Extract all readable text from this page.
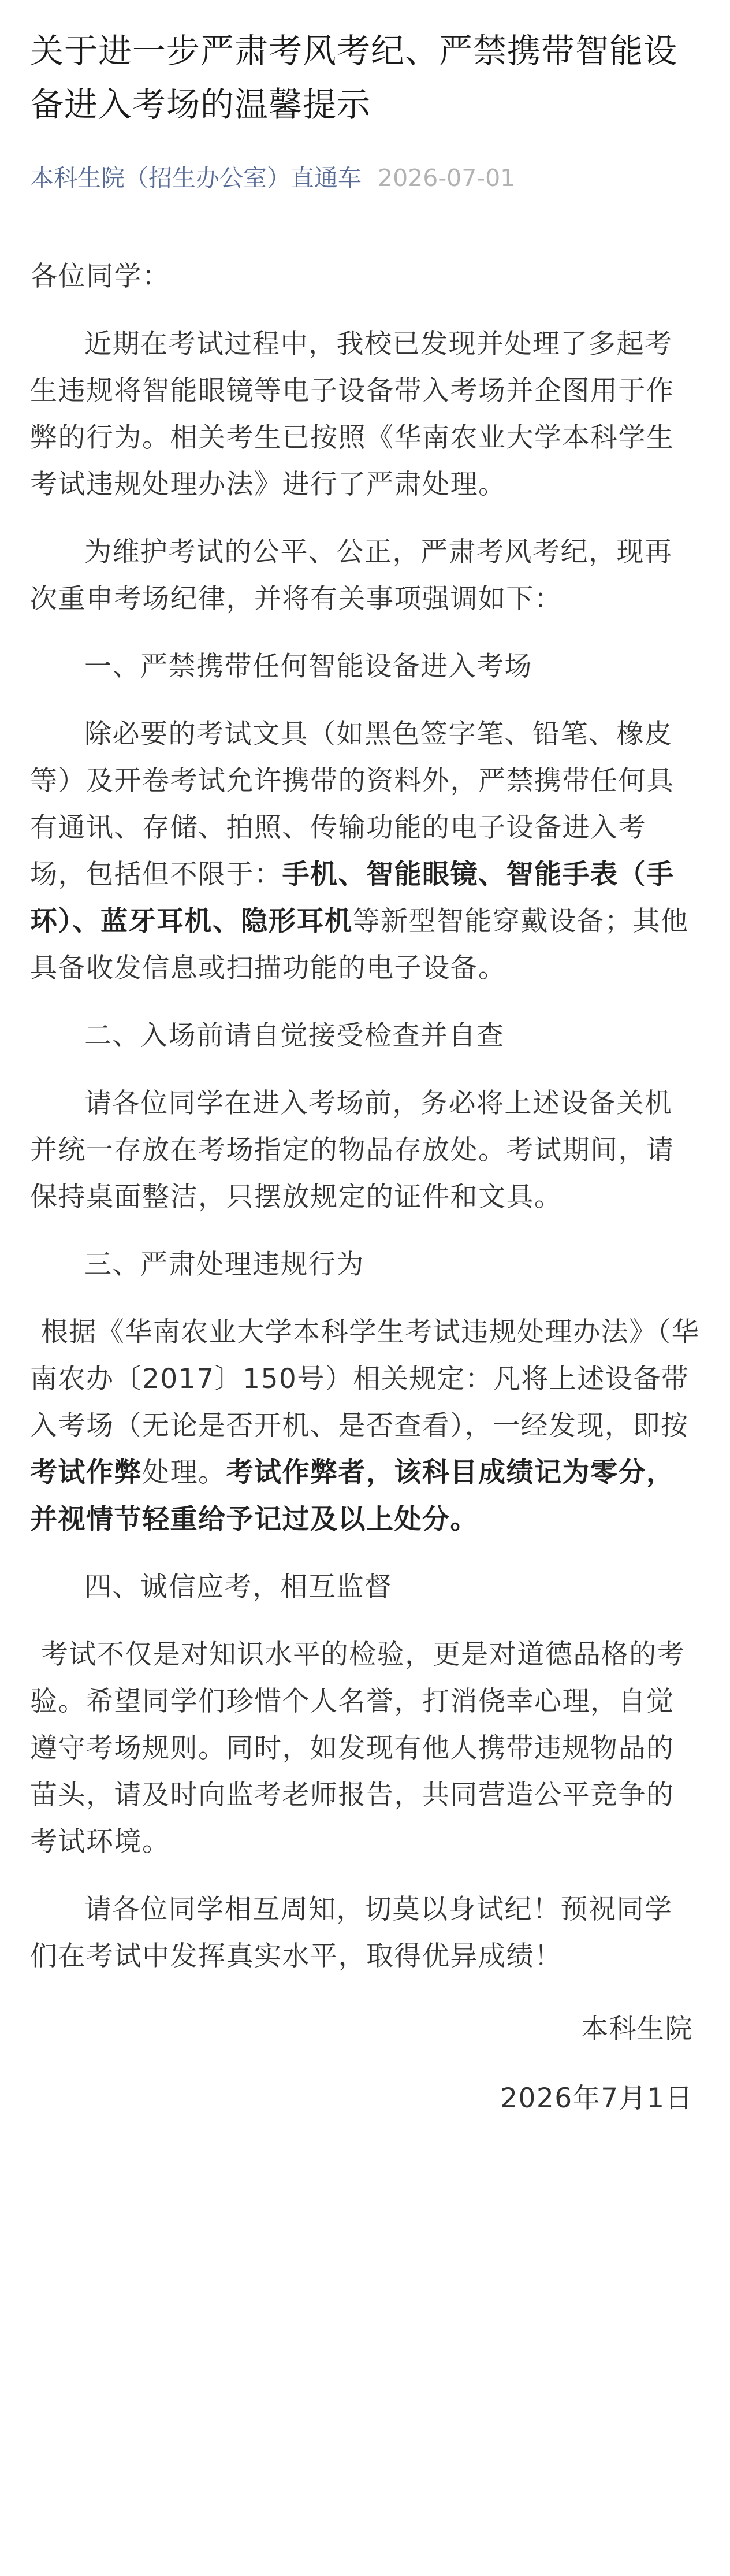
关于进一步严肃考风考纪、严禁携带智能设备进入考场的温馨提示
本科生院（招生办公室）直通车 2026-07-01

各位同学：

近期在考试过程中，我校已发现并处理了多起考生违规将智能眼镜等电子设备带入考场并企图用于作弊的行为。相关考生已按照《华南农业大学本科学生考试违规处理办法》进行了严肃处理。

为维护考试的公平、公正，严肃考风考纪，现再次重申考场纪律，并将有关事项强调如下：

一、严禁携带任何智能设备进入考场

除必要的考试文具（如黑色签字笔、铅笔、橡皮等）及开卷考试允许携带的资料外，严禁携带任何具有通讯、存储、拍照、传输功能的电子设备进入考场，包括但不限于：手机、智能眼镜、智能手表（手环）、蓝牙耳机、隐形耳机等新型智能穿戴设备；其他具备收发信息或扫描功能的电子设备。

二、入场前请自觉接受检查并自查

请各位同学在进入考场前，务必将上述设备关机并统一存放在考场指定的物品存放处。考试期间，请保持桌面整洁，只摆放规定的证件和文具。

三、严肃处理违规行为

根据《华南农业大学本科学生考试违规处理办法》（华南农办〔2017〕150号）相关规定：凡将上述设备带入考场（无论是否开机、是否查看），一经发现，即按考试作弊处理。考试作弊者，该科目成绩记为零分，并视情节轻重给予记过及以上处分。

四、诚信应考，相互监督

考试不仅是对知识水平的检验，更是对道德品格的考验。希望同学们珍惜个人名誉，打消侥幸心理，自觉遵守考场规则。同时，如发现有他人携带违规物品的苗头，请及时向监考老师报告，共同营造公平竞争的考试环境。

请各位同学相互周知，切莫以身试纪！预祝同学们在考试中发挥真实水平，取得优异成绩！

本科生院
2026年7月1日
